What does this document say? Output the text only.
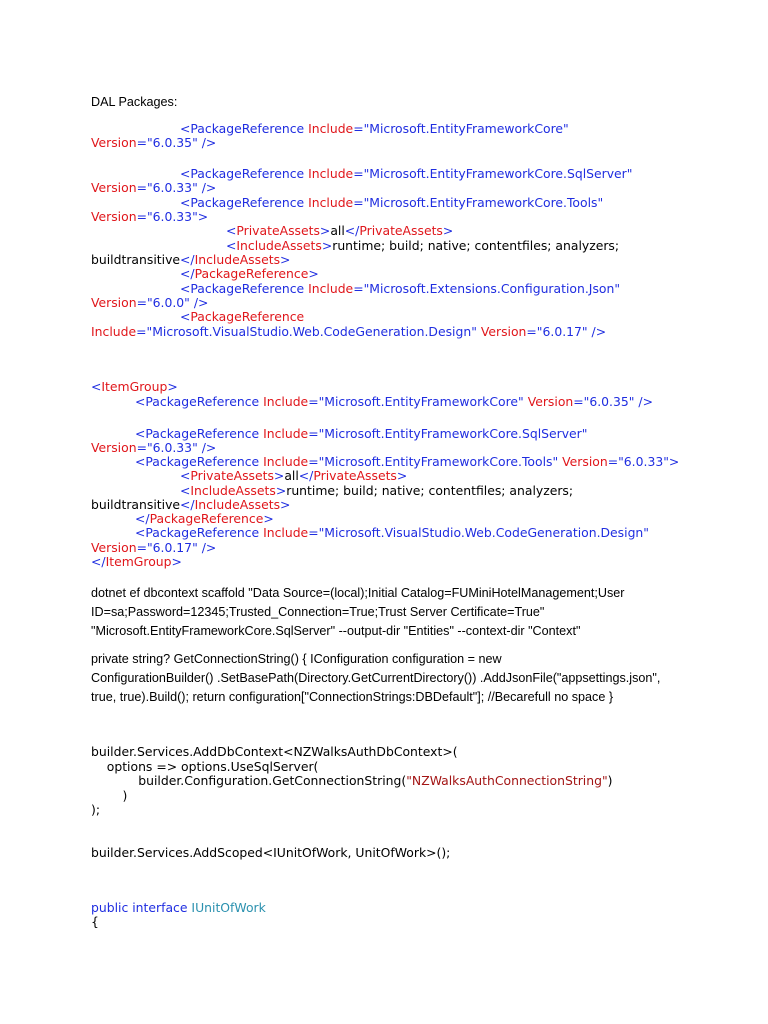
DAL Packages:

<PackageReference Include="Microsoft.EntityFrameworkCore"

Version="6.0.35" />

<PackageReference Include="Microsoft.EntityFrameworkCore.SqlServer"

Version="6.0.33" />

<PackageReference Include="Microsoft.EntityFrameworkCore.Tools"

Version="6.0.33">

<PrivateAssets>all</PrivateAssets>

<IncludeAssets>runtime; build; native; contentfiles; analyzers;

buildtransitive</IncludeAssets>

</PackageReference>

<PackageReference Include="Microsoft.Extensions.Configuration.Json"

Version="6.0.0" />

<PackageReference

Include="Microsoft.VisualStudio.Web.CodeGeneration.Design" Version="6.0.17" />

<ItemGroup>

<PackageReference Include="Microsoft.EntityFrameworkCore" Version="6.0.35" />

<PackageReference Include="Microsoft.EntityFrameworkCore.SqlServer"

Version="6.0.33" />

<PackageReference Include="Microsoft.EntityFrameworkCore.Tools" Version="6.0.33">

<PrivateAssets>all</PrivateAssets>

<IncludeAssets>runtime; build; native; contentfiles; analyzers;

buildtransitive</IncludeAssets>

</PackageReference>

<PackageReference Include="Microsoft.VisualStudio.Web.CodeGeneration.Design"

Version="6.0.17" />

</ItemGroup>

dotnet ef dbcontext scaffold "Data Source=(local);Initial Catalog=FUMiniHotelManagement;User

ID=sa;Password=12345;Trusted_Connection=True;Trust Server Certificate=True"

"Microsoft.EntityFrameworkCore.SqlServer" --output-dir "Entities" --context-dir "Context"

private string? GetConnectionString() { IConfiguration configuration = new

ConfigurationBuilder() .SetBasePath(Directory.GetCurrentDirectory()) .AddJsonFile("appsettings.json",

true, true).Build(); return configuration["ConnectionStrings:DBDefault"]; //Becarefull no space }

builder.Services.AddDbContext<NZWalksAuthDbContext>(

options => options.UseSqlServer(

builder.Configuration.GetConnectionString("NZWalksAuthConnectionString")

)

);

builder.Services.AddScoped<IUnitOfWork, UnitOfWork>();

public interface IUnitOfWork

{
